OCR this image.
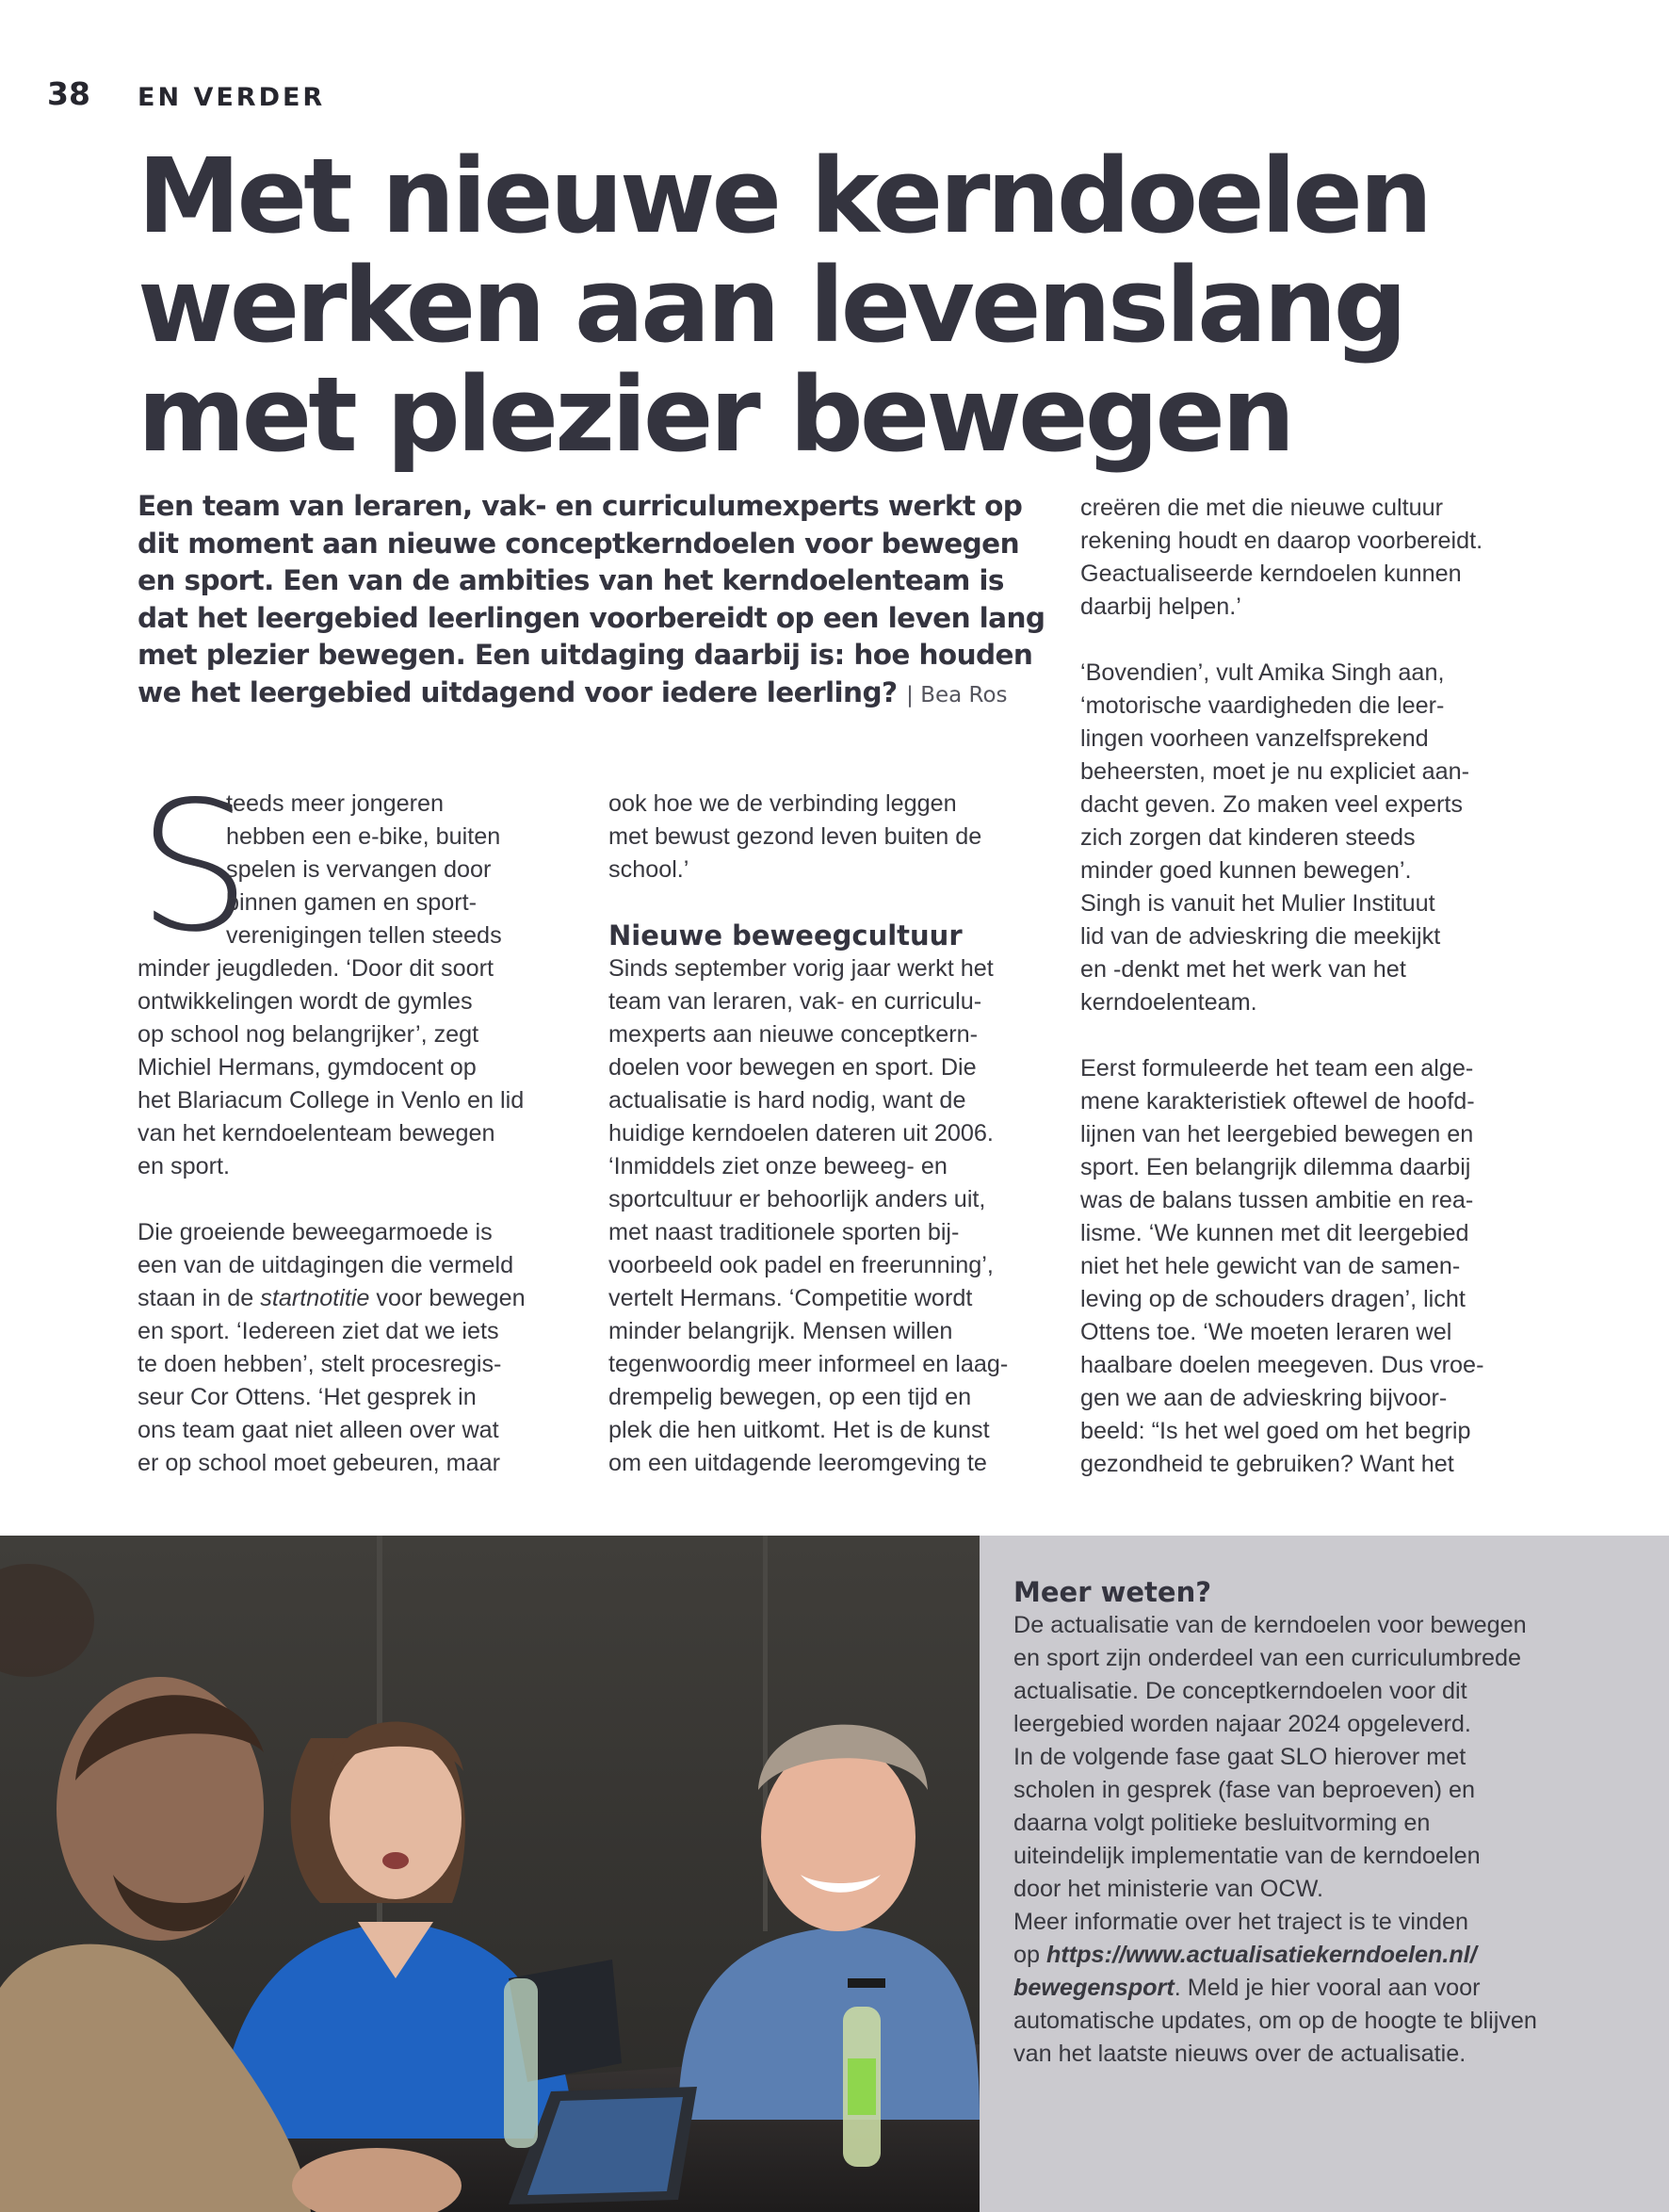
38 EN VERDER
Met nieuwe kerndoelen
werken aan levenslang
met plezier bewegen

Een team van leraren, vak- en curriculumexperts werkt op dit moment aan nieuwe conceptkerndoelen voor bewegen en sport. Een van de ambities van het kerndoelenteam is dat het leergebied leerlingen voorbereidt op een leven lang met plezier bewegen. Een uitdaging daarbij is: hoe houden we het leergebied uitdagend voor iedere leerling? | Bea Ros

S

teeds meer jongeren
hebben een e-bike, buiten
spelen is vervangen door
binnen gamen en sport-
verenigingen tellen steeds
minder jeugdleden. ‘Door dit soort
ontwikkelingen wordt de gymles
op school nog belangrijker’, zegt
Michiel Hermans, gymdocent op
het Blariacum College in Venlo en lid
van het kerndoelenteam bewegen
en sport.

Die groeiende beweegarmoede is
een van de uitdagingen die vermeld
staan in de startnotitie voor bewegen
en sport. ‘Iedereen ziet dat we iets
te doen hebben’, stelt procesregis-
seur Cor Ottens. ‘Het gesprek in
ons team gaat niet alleen over wat
er op school moet gebeuren, maar

ook hoe we de verbinding leggen
met bewust gezond leven buiten de
school.’

Nieuwe beweegcultuur

Sinds september vorig jaar werkt het
team van leraren, vak- en curriculu-
mexperts aan nieuwe conceptkern-
doelen voor bewegen en sport. Die
actualisatie is hard nodig, want de
huidige kerndoelen dateren uit 2006.
‘Inmiddels ziet onze beweeg- en
sportcultuur er behoorlijk anders uit,
met naast traditionele sporten bij-
voorbeeld ook padel en freerunning’,
vertelt Hermans. ‘Competitie wordt
minder belangrijk. Mensen willen
tegenwoordig meer informeel en laag-
drempelig bewegen, op een tijd en
plek die hen uitkomt. Het is de kunst
om een uitdagende leeromgeving te

creëren die met die nieuwe cultuur
rekening houdt en daarop voorbereidt.
Geactualiseerde kerndoelen kunnen
daarbij helpen.’

‘Bovendien’, vult Amika Singh aan,
‘motorische vaardigheden die leer-
lingen voorheen vanzelfsprekend
beheersten, moet je nu expliciet aan-
dacht geven. Zo maken veel experts
zich zorgen dat kinderen steeds
minder goed kunnen bewegen’.
Singh is vanuit het Mulier Instituut
lid van de advieskring die meekijkt
en -denkt met het werk van het
kerndoelenteam.

Eerst formuleerde het team een alge-
mene karakteristiek oftewel de hoofd-
lijnen van het leergebied bewegen en
sport. Een belangrijk dilemma daarbij
was de balans tussen ambitie en rea-
lisme. ‘We kunnen met dit leergebied
niet het hele gewicht van de samen-
leving op de schouders dragen’, licht
Ottens toe. ‘We moeten leraren wel
haalbare doelen meegeven. Dus vroe-
gen we aan de advieskring bijvoor-
beeld: “Is het wel goed om het begrip
gezondheid te gebruiken? Want het

Meer weten?
De actualisatie van de kerndoelen voor bewegen
en sport zijn onderdeel van een curriculumbrede
actualisatie. De conceptkerndoelen voor dit
leergebied worden najaar 2024 opgeleverd.
In de volgende fase gaat SLO hierover met
scholen in gesprek (fase van beproeven) en
daarna volgt politieke besluitvorming en
uiteindelijk implementatie van de kerndoelen
door het ministerie van OCW.
Meer informatie over het traject is te vinden
op https://www.actualisatiekerndoelen.nl/
bewegensport. Meld je hier vooral aan voor
automatische updates, om op de hoogte te blijven
van het laatste nieuws over de actualisatie.
